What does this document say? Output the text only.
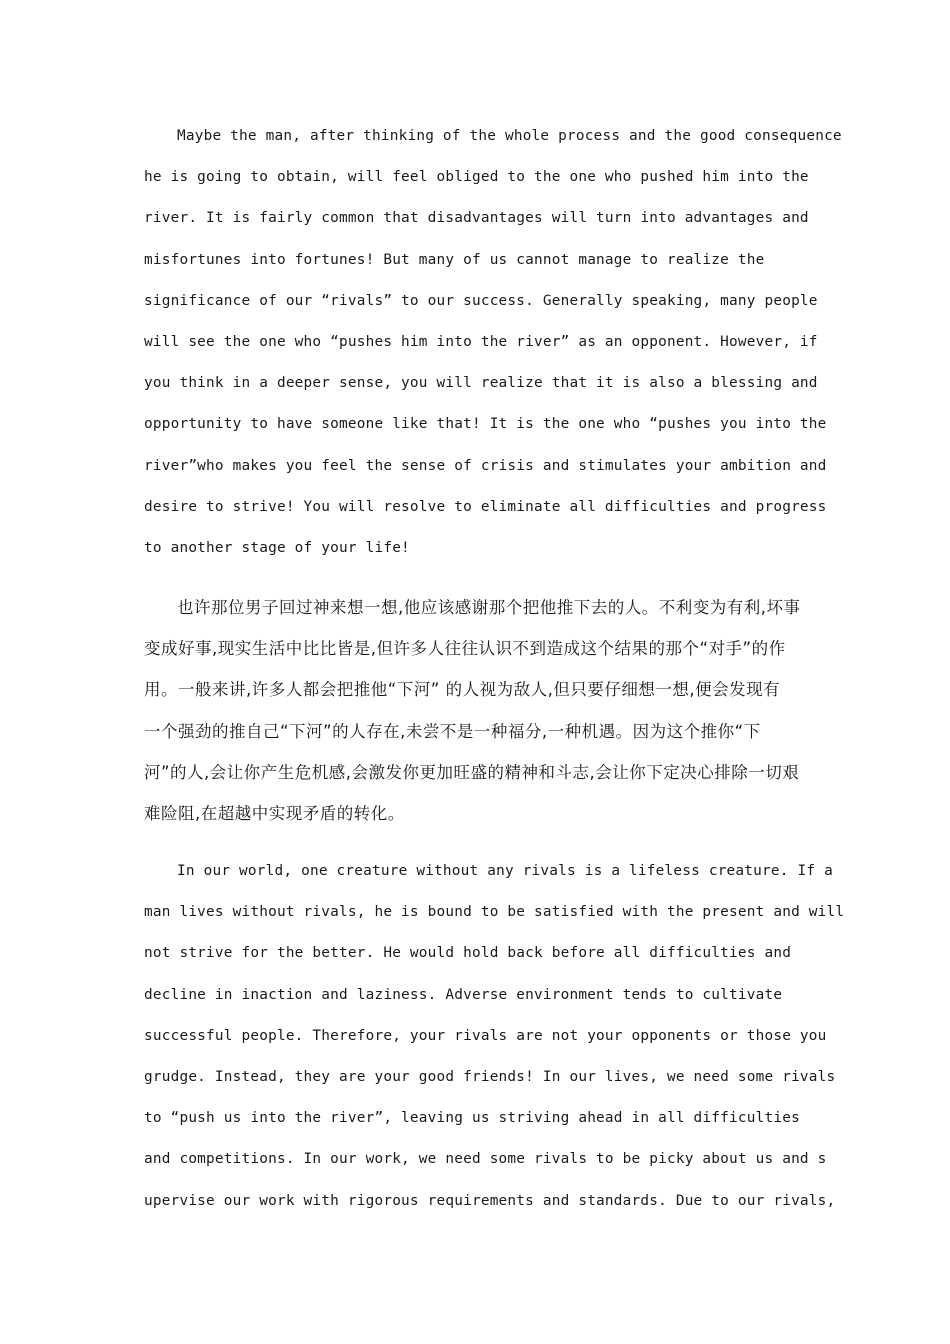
Maybe the man, after thinking of the whole process and the good consequence
he is going to obtain, will feel obliged to the one who pushed him into the
river. It is fairly common that disadvantages will turn into advantages and
misfortunes into fortunes! But many of us cannot manage to realize the
significance of our “rivals” to our success. Generally speaking, many people
will see the one who “pushes him into the river” as an opponent. However, if
you think in a deeper sense, you will realize that it is also a blessing and
opportunity to have someone like that! It is the one who “pushes you into the
river”who makes you feel the sense of crisis and stimulates your ambition and
desire to strive! You will resolve to eliminate all difficulties and progress
to another stage of your life!

也许那位男子回过神来想一想,他应该感谢那个把他推下去的人。不利变为有利,坏事
变成好事,现实生活中比比皆是,但许多人往往认识不到造成这个结果的那个“对手”的作
用。一般来讲,许多人都会把推他“下河” 的人视为敌人,但只要仔细想一想,便会发现有
一个强劲的推自己“下河”的人存在,未尝不是一种福分,一种机遇。因为这个推你“下
河”的人,会让你产生危机感,会激发你更加旺盛的精神和斗志,会让你下定决心排除一切艰
难险阻,在超越中实现矛盾的转化。

In our world, one creature without any rivals is a lifeless creature. If a
man lives without rivals, he is bound to be satisfied with the present and will
not strive for the better. He would hold back before all difficulties and
decline in inaction and laziness. Adverse environment tends to cultivate
successful people. Therefore, your rivals are not your opponents or those you
grudge. Instead, they are your good friends! In our lives, we need some rivals
to “push us into the river”, leaving us striving ahead in all difficulties
and competitions. In our work, we need some rivals to be picky about us and s
upervise our work with rigorous requirements and standards. Due to our rivals,
